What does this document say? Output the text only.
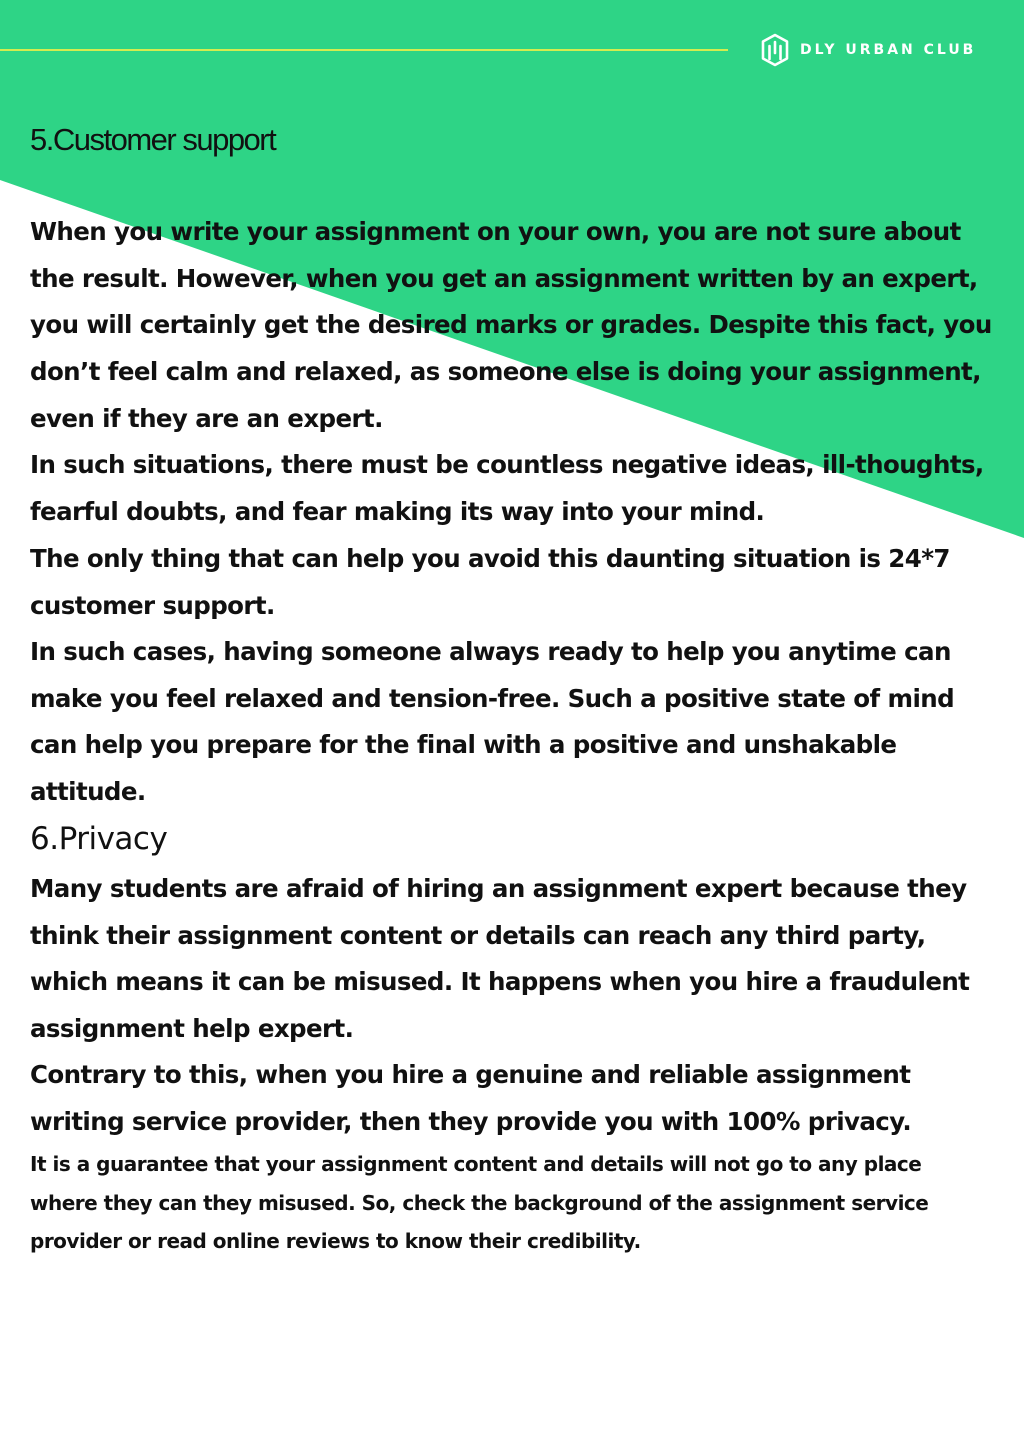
DLY URBAN CLUB
5.Customer support

When you write your assignment on your own, you are not sure about the result. However, when you get an assignment written by an expert, you will certainly get the desired marks or grades. Despite this fact, you don’t feel calm and relaxed, as someone else is doing your assignment, even if they are an expert.

In such situations, there must be countless negative ideas, ill-thoughts, fearful doubts, and fear making its way into your mind.

The only thing that can help you avoid this daunting situation is 24*7 customer support.

In such cases, having someone always ready to help you anytime can make you feel relaxed and tension-free. Such a positive state of mind can help you prepare for the final with a positive and unshakable attitude.

6.Privacy

Many students are afraid of hiring an assignment expert because they think their assignment content or details can reach any third party, which means it can be misused. It happens when you hire a fraudulent assignment help expert.

Contrary to this, when you hire a genuine and reliable assignment writing service provider, then they provide you with 100% privacy.

It is a guarantee that your assignment content and details will not go to any place where they can they misused. So, check the background of the assignment service provider or read online reviews to know their credibility.
